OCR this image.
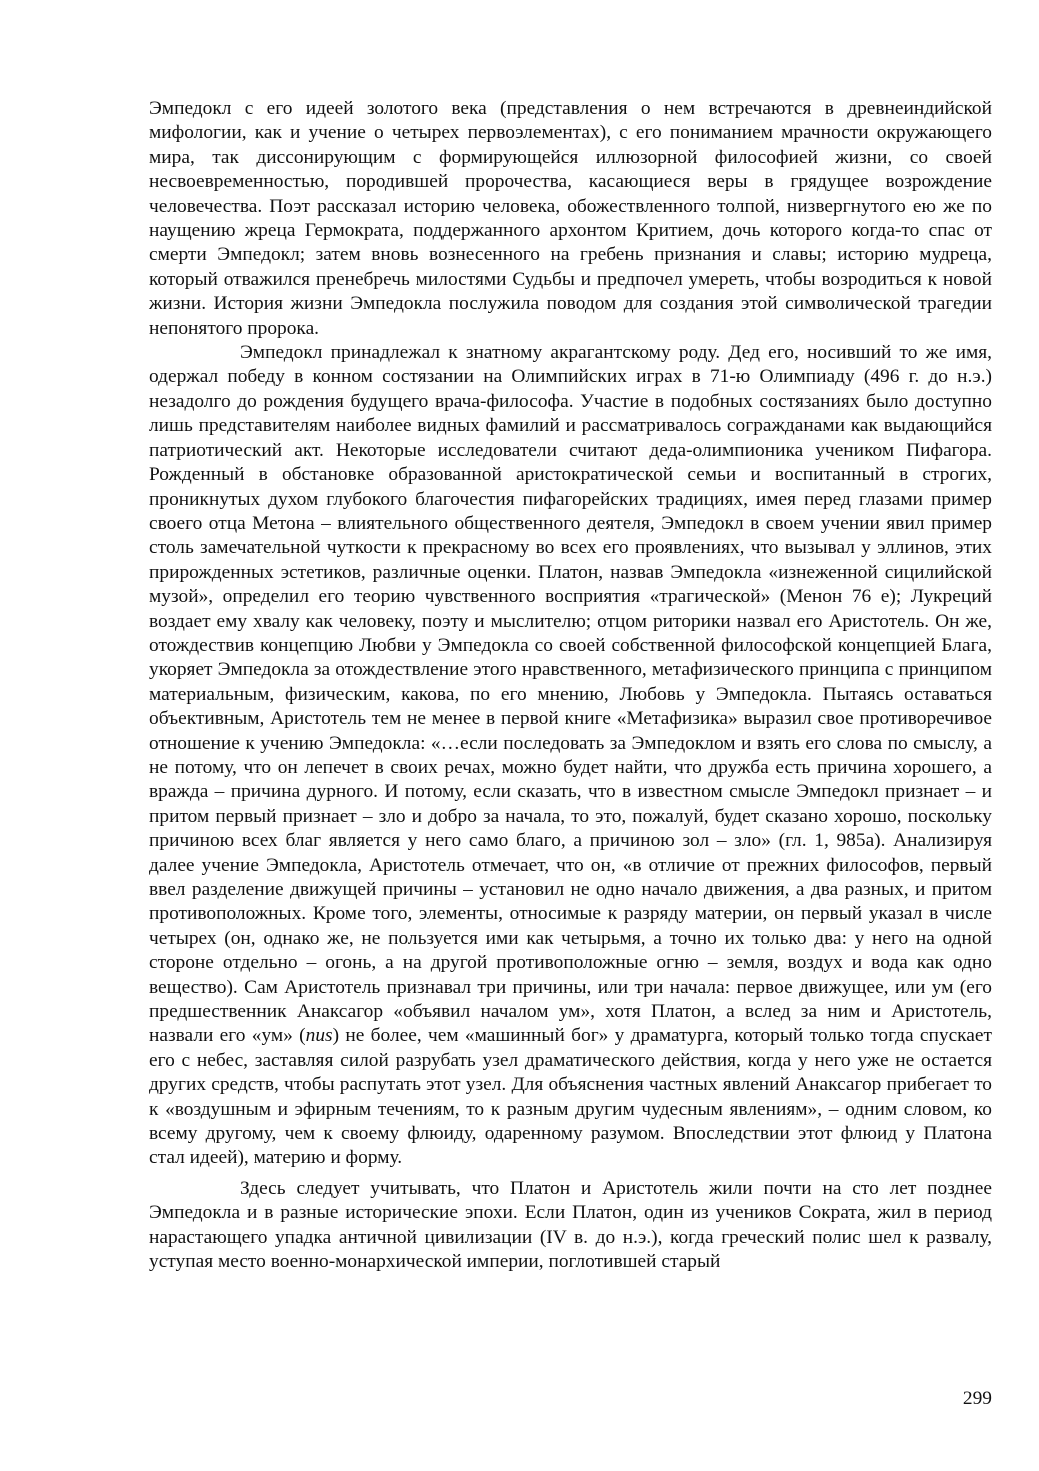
Эмпедокл с его идеей золотого века (представления о нем встречаются в древнеиндийской мифологии, как и учение о четырех первоэлементах), с его пониманием мрачности окружающего мира, так диссонирующим с формирующейся иллюзорной философией жизни, со своей несвоевременностью, породившей пророчества, касающиеся веры в грядущее возрождение человечества. Поэт рассказал историю человека, обожествленного толпой, низвергнутого ею же по наущению жреца Гермократа, поддержанного архонтом Критием, дочь которого когда-то спас от смерти Эмпедокл; затем вновь вознесенного на гребень признания и славы; историю мудреца, который отважился пренебречь милостями Судьбы и предпочел умереть, чтобы возродиться к новой жизни. История жизни Эмпедокла послужила поводом для создания этой символической трагедии непонятого пророка.

Эмпедокл принадлежал к знатному акрагантскому роду. Дед его, носивший то же имя, одержал победу в конном состязании на Олимпийских играх в 71-ю Олимпиаду (496 г. до н.э.) незадолго до рождения будущего врача-философа. Участие в подобных состязаниях было доступно лишь представителям наиболее видных фамилий и рассматривалось согражданами как выдающийся патриотический акт. Некоторые исследователи считают деда-олимпионика учеником Пифагора. Рожденный в обстановке образованной аристократической семьи и воспитанный в строгих, проникнутых духом глубокого благочестия пифагорейских традициях, имея перед глазами пример своего отца Метона – влиятельного общественного деятеля, Эмпедокл в своем учении явил пример столь замечательной чуткости к прекрасному во всех его проявлениях, что вызывал у эллинов, этих прирожденных эстетиков, различные оценки. Платон, назвав Эмпедокла «изнеженной сицилийской музой», определил его теорию чувственного восприятия «трагической» (Менон 76 е); Лукреций воздает ему хвалу как человеку, поэту и мыслителю; отцом риторики назвал его Аристотель. Он же, отождествив концепцию Любви у Эмпедокла со своей собственной философской концепцией Блага, укоряет Эмпедокла за отождествление этого нравственного, метафизического принципа с принципом материальным, физическим, какова, по его мнению, Любовь у Эмпедокла. Пытаясь оставаться объективным, Аристотель тем не менее в первой книге «Метафизика» выразил свое противоречивое отношение к учению Эмпедокла: «…если последовать за Эмпедоклом и взять его слова по смыслу, а не потому, что он лепечет в своих речах, можно будет найти, что дружба есть причина хорошего, а вражда – причина дурного. И потому, если сказать, что в известном смысле Эмпедокл признает – и притом первый признает – зло и добро за начала, то это, пожалуй, будет сказано хорошо, поскольку причиною всех благ является у него само благо, а причиною зол – зло» (гл. 1, 985а). Анализируя далее учение Эмпедокла, Аристотель отмечает, что он, «в отличие от прежних философов, первый ввел разделение движущей причины – установил не одно начало движения, а два разных, и притом противоположных. Кроме того, элементы, относимые к разряду материи, он первый указал в числе четырех (он, однако же, не пользуется ими как четырьмя, а точно их только два: у него на одной стороне отдельно – огонь, а на другой противоположные огню – земля, воздух и вода как одно вещество). Сам Аристотель признавал три причины, или три начала: первое движущее, или ум (его предшественник Анаксагор «объявил началом ум», хотя Платон, а вслед за ним и Аристотель, назвали его «ум» (nus) не более, чем «машинный бог» у драматурга, который только тогда спускает его с небес, заставляя силой разрубать узел драматического действия, когда у него уже не остается других средств, чтобы распутать этот узел. Для объяснения частных явлений Анаксагор прибегает то к «воздушным и эфирным течениям, то к разным другим чудесным явлениям», – одним словом, ко всему другому, чем к своему флюиду, одаренному разумом. Впоследствии этот флюид у Платона стал идеей), материю и форму.

Здесь следует учитывать, что Платон и Аристотель жили почти на сто лет позднее Эмпедокла и в разные исторические эпохи. Если Платон, один из учеников Сократа, жил в период нарастающего упадка античной цивилизации (IV в. до н.э.), когда греческий полис шел к развалу, уступая место военно-монархической империи, поглотившей старый

299
